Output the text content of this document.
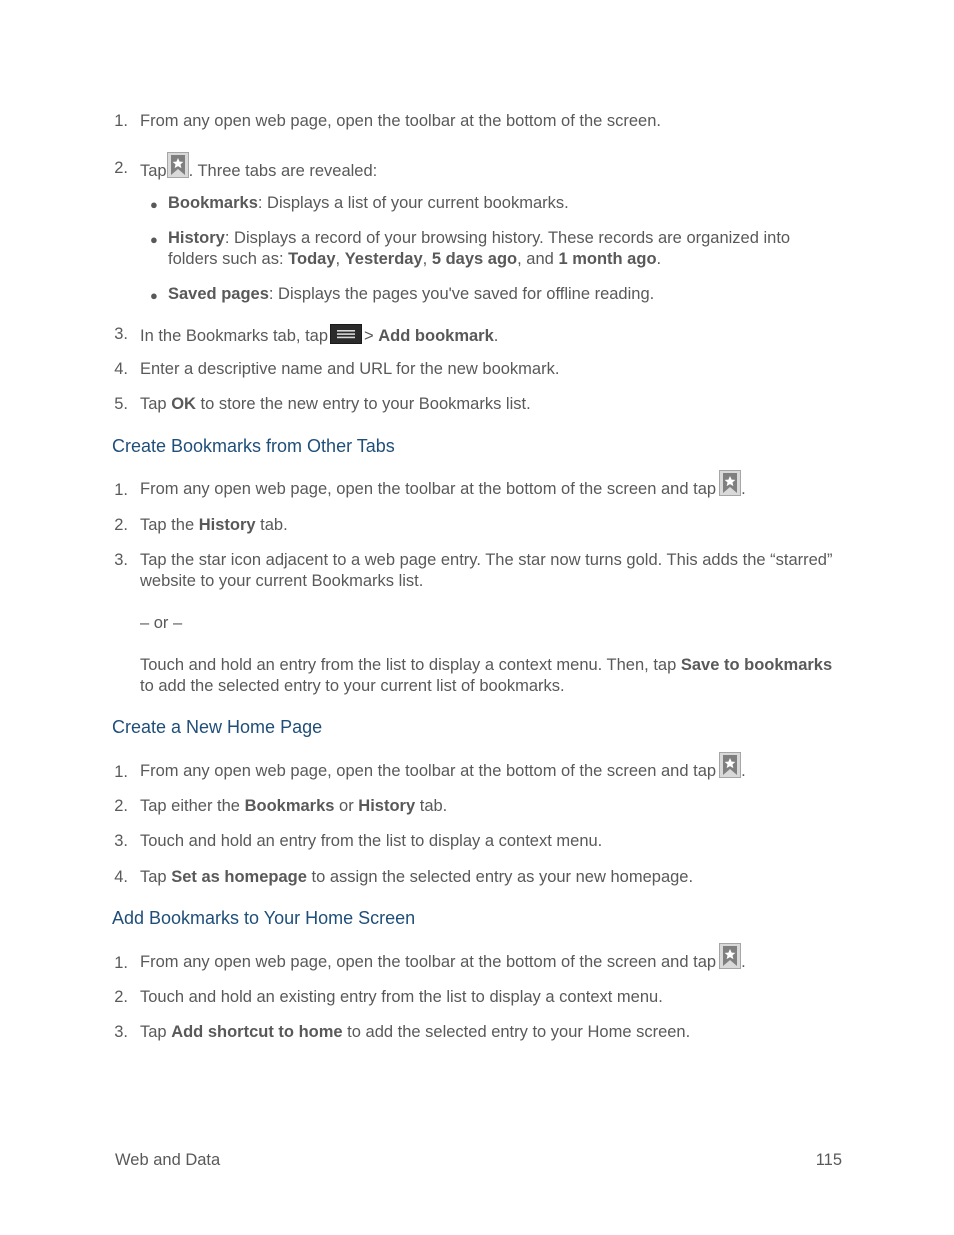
1. From any open web page, open the toolbar at the bottom of the screen.
2. Tap . Three tabs are revealed:
● Bookmarks: Displays a list of your current bookmarks.
● History: Displays a record of your browsing history. These records are organized into
folders such as: Today, Yesterday, 5 days ago, and 1 month ago.
● Saved pages: Displays the pages you've saved for offline reading.
3. In the Bookmarks tab, tap > Add bookmark.
4. Enter a descriptive name and URL for the new bookmark.
5. Tap OK to store the new entry to your Bookmarks list.
Create Bookmarks from Other Tabs
1. From any open web page, open the toolbar at the bottom of the screen and tap .
2. Tap the History tab.
3. Tap the star icon adjacent to a web page entry. The star now turns gold. This adds the “starred”
website to your current Bookmarks list.
– or –
Touch and hold an entry from the list to display a context menu. Then, tap Save to bookmarks
to add the selected entry to your current list of bookmarks.
Create a New Home Page
1. From any open web page, open the toolbar at the bottom of the screen and tap .
2. Tap either the Bookmarks or History tab.
3. Touch and hold an entry from the list to display a context menu.
4. Tap Set as homepage to assign the selected entry as your new homepage.
Add Bookmarks to Your Home Screen
1. From any open web page, open the toolbar at the bottom of the screen and tap .
2. Touch and hold an existing entry from the list to display a context menu.
3. Tap Add shortcut to home to add the selected entry to your Home screen.
Web and Data	115
